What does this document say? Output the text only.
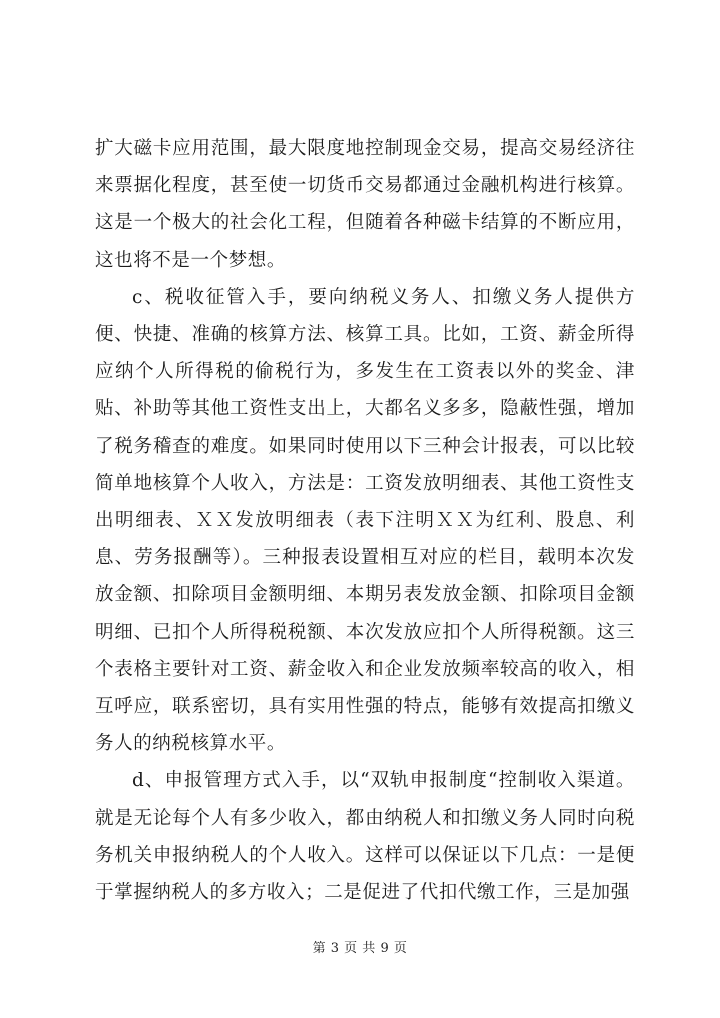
扩大磁卡应用范围，最大限度地控制现金交易，提高交易经济往来票据化程度，甚至使一切货币交易都通过金融机构进行核算。这是一个极大的社会化工程，但随着各种磁卡结算的不断应用，这也将不是一个梦想。

c、税收征管入手，要向纳税义务人、扣缴义务人提供方便、快捷、准确的核算方法、核算工具。比如，工资、薪金所得应纳个人所得税的偷税行为，多发生在工资表以外的奖金、津贴、补助等其他工资性支出上，大都名义多多，隐蔽性强，增加了税务稽查的难度。如果同时使用以下三种会计报表，可以比较简单地核算个人收入，方法是：工资发放明细表、其他工资性支出明细表、ＸＸ发放明细表（表下注明ＸＸ为红利、股息、利息、劳务报酬等）。三种报表设置相互对应的栏目，载明本次发放金额、扣除项目金额明细、本期另表发放金额、扣除项目金额明细、已扣个人所得税税额、本次发放应扣个人所得税额。这三个表格主要针对工资、薪金收入和企业发放频率较高的收入，相互呼应，联系密切，具有实用性强的特点，能够有效提高扣缴义务人的纳税核算水平。

d、申报管理方式入手，以“双轨申报制度“控制收入渠道。就是无论每个人有多少收入，都由纳税人和扣缴义务人同时向税务机关申报纳税人的个人收入。这样可以保证以下几点：一是便于掌握纳税人的多方收入；二是促进了代扣代缴工作，三是加强

第 3 页 共 9 页
